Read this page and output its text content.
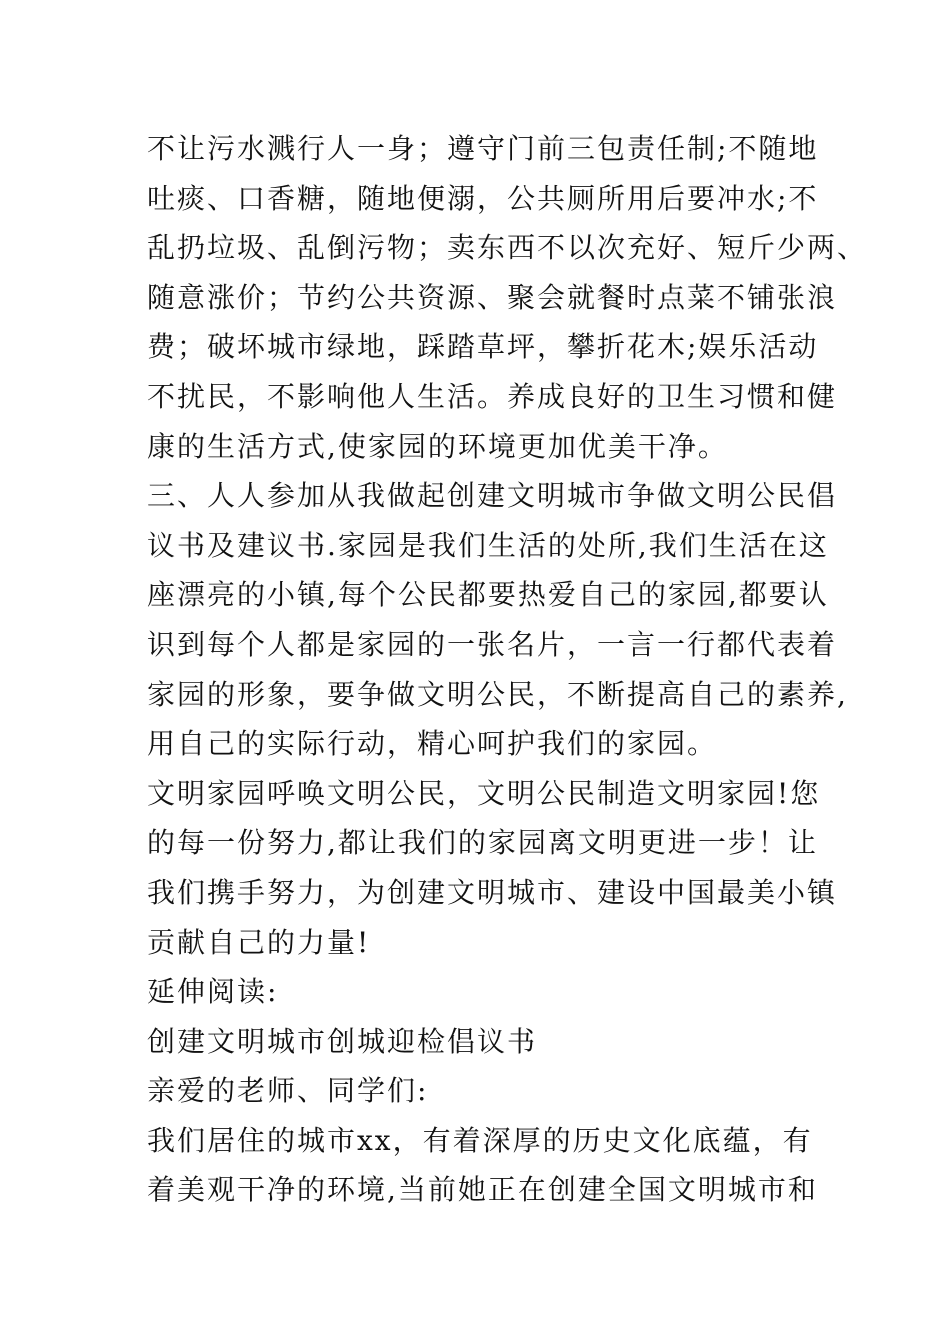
不让污水溅行人一身；遵守门前三包责任制;不随地
吐痰、口香糖，随地便溺，公共厕所用后要冲水;不
乱扔垃圾、乱倒污物；卖东西不以次充好、短斤少两、
随意涨价；节约公共资源、聚会就餐时点菜不铺张浪
费；破坏城市绿地，踩踏草坪，攀折花木;娱乐活动
不扰民，不影响他人生活。养成良好的卫生习惯和健
康的生活方式,使家园的环境更加优美干净。
三、人人参加从我做起创建文明城市争做文明公民倡
议书及建议书.家园是我们生活的处所,我们生活在这
座漂亮的小镇,每个公民都要热爱自己的家园,都要认
识到每个人都是家园的一张名片，一言一行都代表着
家园的形象，要争做文明公民，不断提高自己的素养,
用自己的实际行动，精心呵护我们的家园。
文明家园呼唤文明公民，文明公民制造文明家园!您
的每一份努力,都让我们的家园离文明更进一步！让
我们携手努力，为创建文明城市、建设中国最美小镇
贡献自己的力量!
延伸阅读:
创建文明城市创城迎检倡议书
亲爱的老师、同学们:
我们居住的城市xx，有着深厚的历史文化底蕴，有
着美观干净的环境,当前她正在创建全国文明城市和
